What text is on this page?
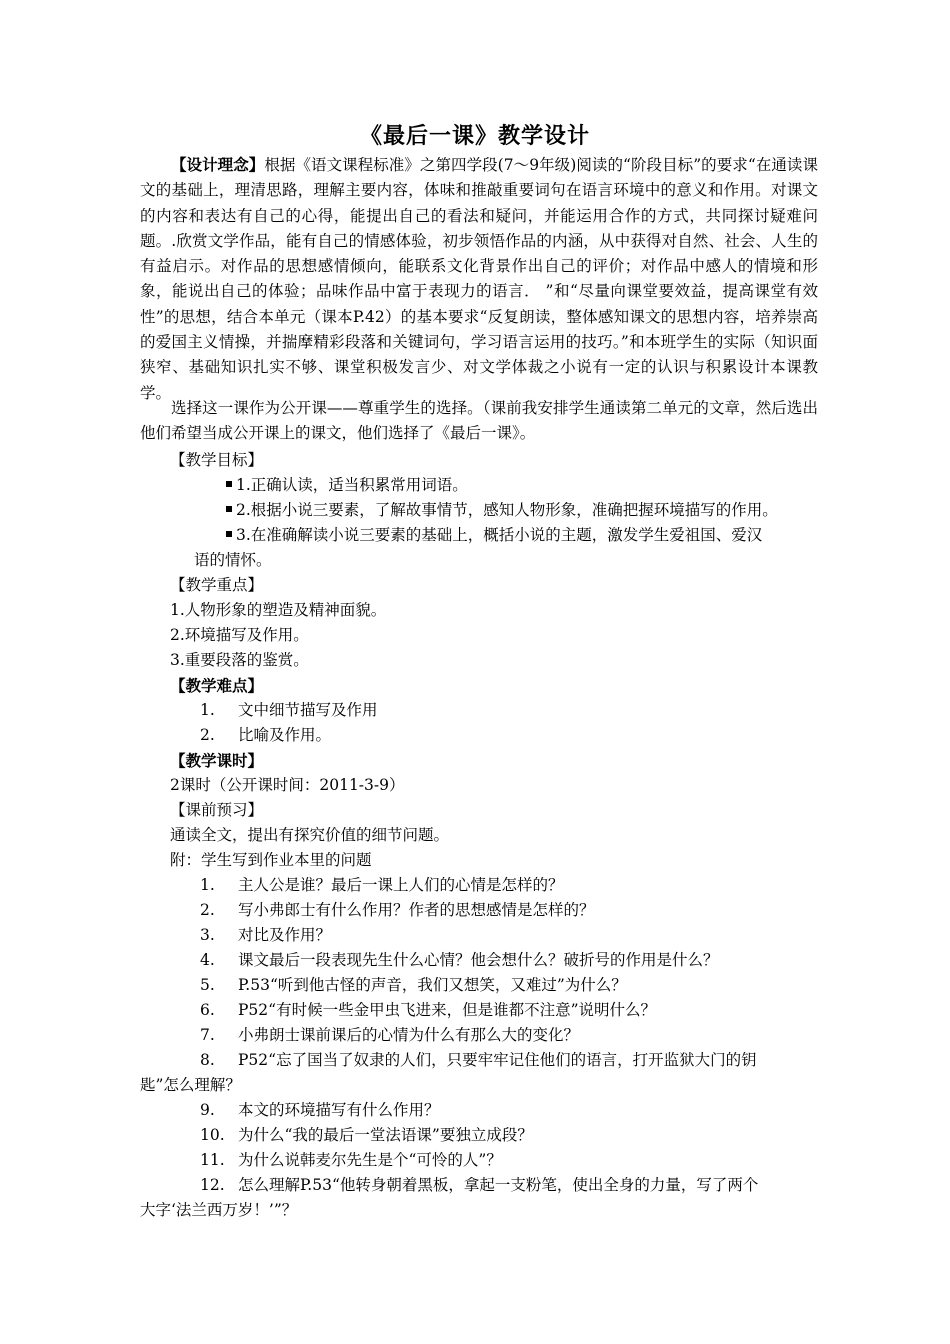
《最后一课》教学设计
【设计理念】根据《语文课程标准》之第四学段(7～9年级)阅读的“阶段目标”的要求“在通读课文的基础上，理清思路，理解主要内容，体味和推敲重要词句在语言环境中的意义和作用。对课文的内容和表达有自己的心得，能提出自己的看法和疑问，并能运用合作的方式，共同探讨疑难问题。.欣赏文学作品，能有自己的情感体验，初步领悟作品的内涵，从中获得对自然、社会、人生的有益启示。对作品的思想感情倾向，能联系文化背景作出自己的评价；对作品中感人的情境和形象，能说出自己的体验；品味作品中富于表现力的语言． ”和“尽量向课堂要效益，提高课堂有效性”的思想，结合本单元（课本P.42）的基本要求“反复朗读，整体感知课文的思想内容，培养崇高的爱国主义情操，并揣摩精彩段落和关键词句，学习语言运用的技巧。”和本班学生的实际（知识面狭窄、基础知识扎实不够、课堂积极发言少、对文学体裁之小说有一定的认识与积累设计本课教学。
选择这一课作为公开课——尊重学生的选择。（课前我安排学生通读第二单元的文章，然后选出他们希望当成公开课上的课文，他们选择了《最后一课》。
【教学目标】
1.正确认读，适当积累常用词语。
2.根据小说三要素，了解故事情节，感知人物形象，准确把握环境描写的作用。
3.在准确解读小说三要素的基础上，概括小说的主题，激发学生爱祖国、爱汉
语的情怀。
【教学重点】
1.人物形象的塑造及精神面貌。
2.环境描写及作用。
3.重要段落的鉴赏。
【教学难点】
1. 文中细节描写及作用
2. 比喻及作用。
【教学课时】
2课时（公开课时间：2011-3-9）
【课前预习】
通读全文，提出有探究价值的细节问题。
附：学生写到作业本里的问题
1. 主人公是谁？最后一课上人们的心情是怎样的？
2. 写小弗郎士有什么作用？作者的思想感情是怎样的？
3. 对比及作用？
4. 课文最后一段表现先生什么心情？他会想什么？破折号的作用是什么？
5. P.53“听到他古怪的声音，我们又想笑，又难过”为什么？
6. P52“有时候一些金甲虫飞进来，但是谁都不注意”说明什么？
7. 小弗朗士课前课后的心情为什么有那么大的变化？
8. P52“忘了国当了奴隶的人们，只要牢牢记住他们的语言，打开监狱大门的钥
匙”怎么理解？
9. 本文的环境描写有什么作用？
10. 为什么“我的最后一堂法语课”要独立成段？
11. 为什么说韩麦尔先生是个“可怜的人”？
12. 怎么理解P.53“他转身朝着黑板，拿起一支粉笔，使出全身的力量，写了两个
大字‘法兰西万岁！’”？
